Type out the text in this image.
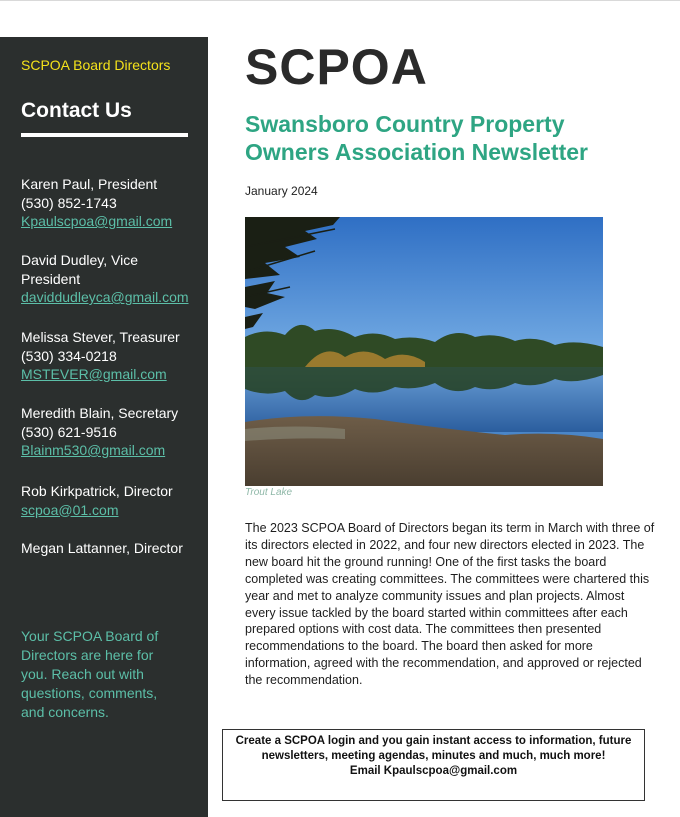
SCPOA Board Directors
Contact Us
Karen Paul, President
(530) 852-1743
Kpaulscpoa@gmail.com
David Dudley, Vice
President
daviddudleyca@gmail.com
Melissa Stever, Treasurer
(530) 334-0218
MSTEVER@gmail.com
Meredith Blain, Secretary
(530) 621-9516
Blainm530@gmail.com
Rob Kirkpatrick, Director
scpoa@01.com
Megan Lattanner, Director
Your SCPOA Board of Directors are here for you. Reach out with questions, comments, and concerns.
SCPOA
Swansboro Country Property
Owners Association Newsletter
January 2024
Trout Lake
The 2023 SCPOA Board of Directors began its term in March with three of its directors elected in 2022, and four new directors elected in 2023. The new board hit the ground running! One of the first tasks the board completed was creating committees. The committees were chartered this year and met to analyze community issues and plan projects. Almost every issue tackled by the board started within committees after each prepared options with cost data. The committees then presented recommendations to the board. The board then asked for more information, agreed with the recommendation, and approved or rejected the recommendation.
Create a SCPOA login and you gain instant access to information, future newsletters, meeting agendas, minutes and much, much more!
Email Kpaulscpoa@gmail.com
